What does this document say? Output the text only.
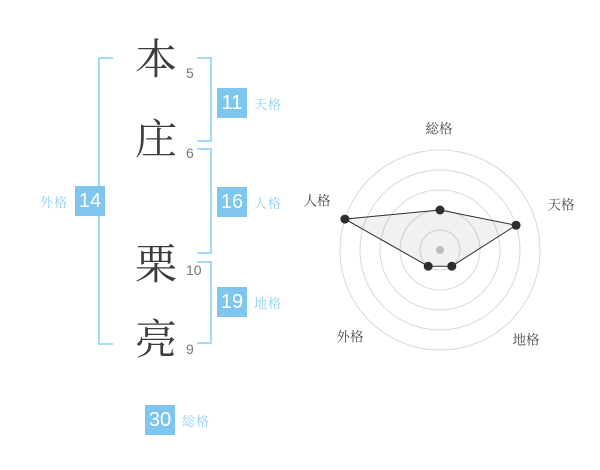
本
庄
栗
亮
5
6
10
9
11 天格
16 人格
19 地格
外格 14
30 総格
総格
天格
地格
外格
人格
